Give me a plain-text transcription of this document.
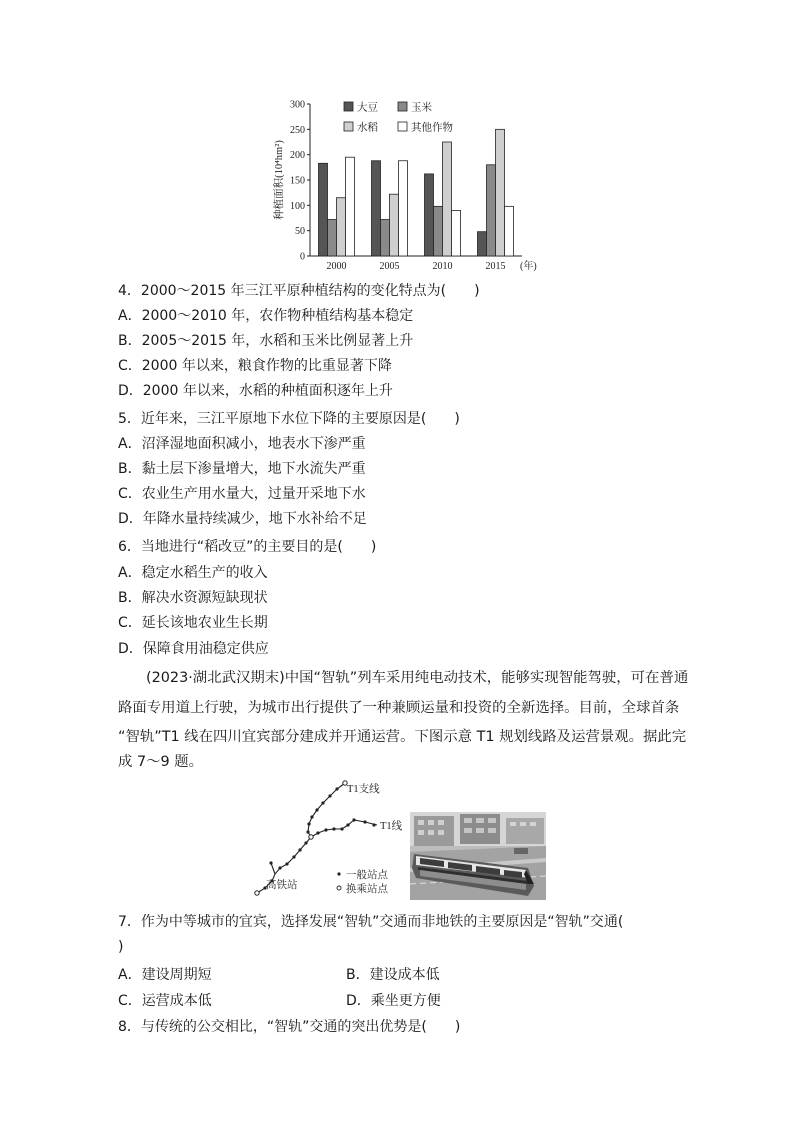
0
50
100
150
200
250
300
种植面积(10⁴hm²)
2000	2005	2010	2015 (年)
大豆	玉米
水稻	其他作物
4．2000～2015 年三江平原种植结构的变化特点为(　　)
A．2000～2010 年，农作物种植结构基本稳定
B．2005～2015 年，水稻和玉米比例显著上升
C．2000 年以来，粮食作物的比重显著下降
D．2000 年以来，水稻的种植面积逐年上升
5．近年来，三江平原地下水位下降的主要原因是(　　)
A．沼泽湿地面积减小，地表水下渗严重
B．黏土层下渗量增大，地下水流失严重
C．农业生产用水量大，过量开采地下水
D．年降水量持续减少，地下水补给不足
6．当地进行“稻改豆”的主要目的是(　　)
A．稳定水稻生产的收入
B．解决水资源短缺现状
C．延长该地农业生长期
D．保障食用油稳定供应
(2023·湖北武汉期末)中国“智轨”列车采用纯电动技术，能够实现智能驾驶，可在普通
路面专用道上行驶，为城市出行提供了一种兼顾运量和投资的全新选择。目前，全球首条
“智轨”T1 线在四川宜宾部分建成并开通运营。下图示意 T1 规划线路及运营景观。据此完
成 7～9 题。
T1支线
T1线
高铁站
一般站点
换乘站点
7．作为中等城市的宜宾，选择发展“智轨”交通而非地铁的主要原因是“智轨”交通(
)
A．建设周期短	B．建设成本低
C．运营成本低	D．乘坐更方便
8．与传统的公交相比，“智轨”交通的突出优势是(　　)
